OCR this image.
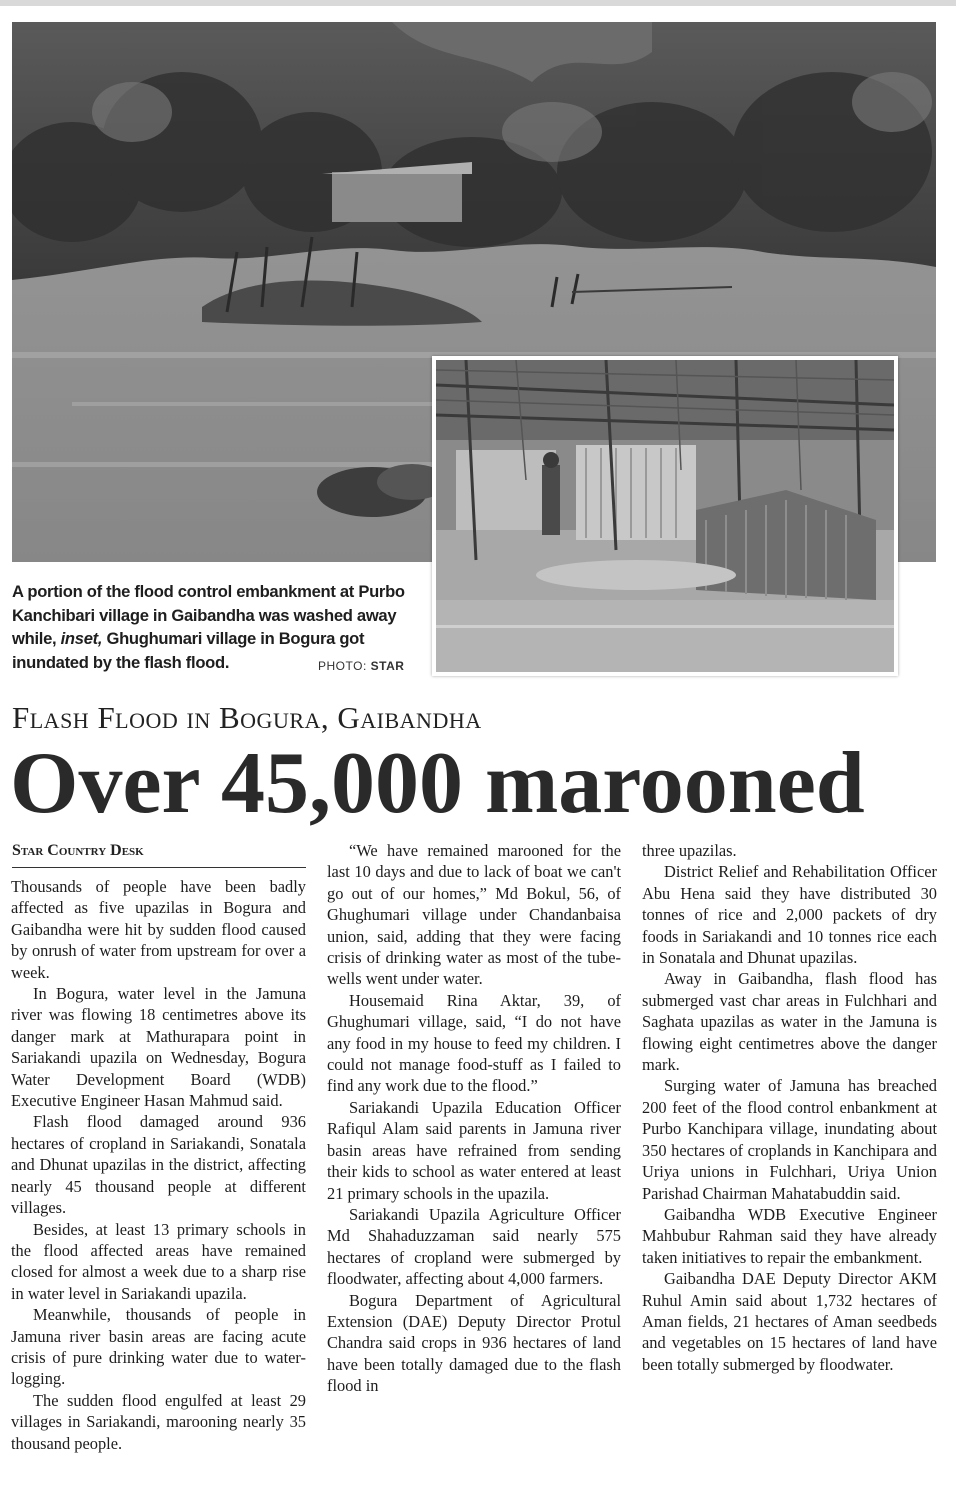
A portion of the flood control embankment at Purbo Kanchibari village in Gaibandha was washed away while, inset, Ghughumari village in Bogura got inundated by the flash flood.	PHOTO: STAR
Flash Flood in Bogura, Gaibandha
Over 45,000 marooned
Star Country Desk

Thousands of people have been badly affected as five upazilas in Bogura and Gaibandha were hit by sudden flood caused by onrush of water from upstream for over a week.

In Bogura, water level in the Jamuna river was flowing 18 centimetres above its danger mark at Mathurapara point in Sariakandi upazila on Wednesday, Bogura Water Development Board (WDB) Executive Engineer Hasan Mahmud said.

Flash flood damaged around 936 hectares of cropland in Sariakandi, Sonatala and Dhunat upazilas in the district, affecting nearly 45 thousand people at different villages.

Besides, at least 13 primary schools in the flood affected areas have remained closed for almost a week due to a sharp rise in water level in Sariakandi upazila.

Meanwhile, thousands of people in Jamuna river basin areas are facing acute crisis of pure drinking water due to water-logging.

The sudden flood engulfed at least 29 villages in Sariakandi, marooning nearly 35 thousand people.

“We have remained marooned for the last 10 days and due to lack of boat we can't go out of our homes,” Md Bokul, 56, of Ghughumari village under Chandanbaisa union, said, adding that they were facing crisis of drinking water as most of the tube-wells went under water.

Housemaid Rina Aktar, 39, of Ghughumari village, said, “I do not have any food in my house to feed my children. I could not manage food-stuff as I failed to find any work due to the flood.”

Sariakandi Upazila Education Officer Rafiqul Alam said parents in Jamuna river basin areas have refrained from sending their kids to school as water entered at least 21 primary schools in the upazila.

Sariakandi Upazila Agriculture Officer Md Shahaduzzaman said nearly 575 hectares of cropland were submerged by floodwater, affecting about 4,000 farmers.

Bogura Department of Agricultural Extension (DAE) Deputy Director Protul Chandra said crops in 936 hectares of land have been totally damaged due to the flash flood in

three upazilas.

District Relief and Rehabilitation Officer Abu Hena said they have distributed 30 tonnes of rice and 2,000 packets of dry foods in Sariakandi and 10 tonnes rice each in Sonatala and Dhunat upazilas.

Away in Gaibandha, flash flood has submerged vast char areas in Fulchhari and Saghata upazilas as water in the Jamuna is flowing eight centimetres above the danger mark.

Surging water of Jamuna has breached 200 feet of the flood control enbankment at Purbo Kanchipara village, inundating about 350 hectares of croplands in Kanchipara and Uriya unions in Fulchhari, Uriya Union Parishad Chairman Mahatabuddin said.

Gaibandha WDB Executive Engineer Mahbubur Rahman said they have already taken initiatives to repair the embankment.

Gaibandha DAE Deputy Director AKM Ruhul Amin said about 1,732 hectares of Aman fields, 21 hectares of Aman seedbeds and vegetables on 15 hectares of land have been totally submerged by floodwater.
